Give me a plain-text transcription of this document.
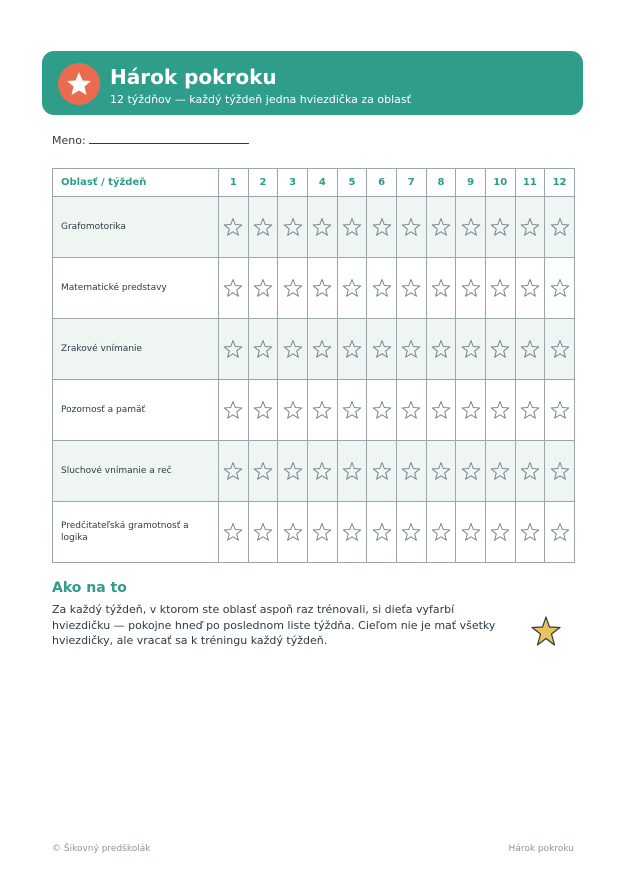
Hárok pokroku
12 týždňov — každý týždeň jedna hviezdička za oblasť
Meno:
Oblasť / týždeň	1	2	3	4	5	6	7	8	9	10	11	12
Grafomotorika	

Matematické predstavy	

Zrakové vnímanie	

Pozornosť a pamäť	

Sluchové vnímanie a reč	

Predčitateľská gramotnosť a logika	

Ako na to
Za každý týždeň, v ktorom ste oblasť aspoň raz trénovali, si dieťa vyfarbí hviezdičku — pokojne hneď po poslednom liste týždňa. Cieľom nie je mať všetky hviezdičky, ale vracať sa k tréningu každý týždeň.
© Šikovný predškolák	Hárok pokroku
